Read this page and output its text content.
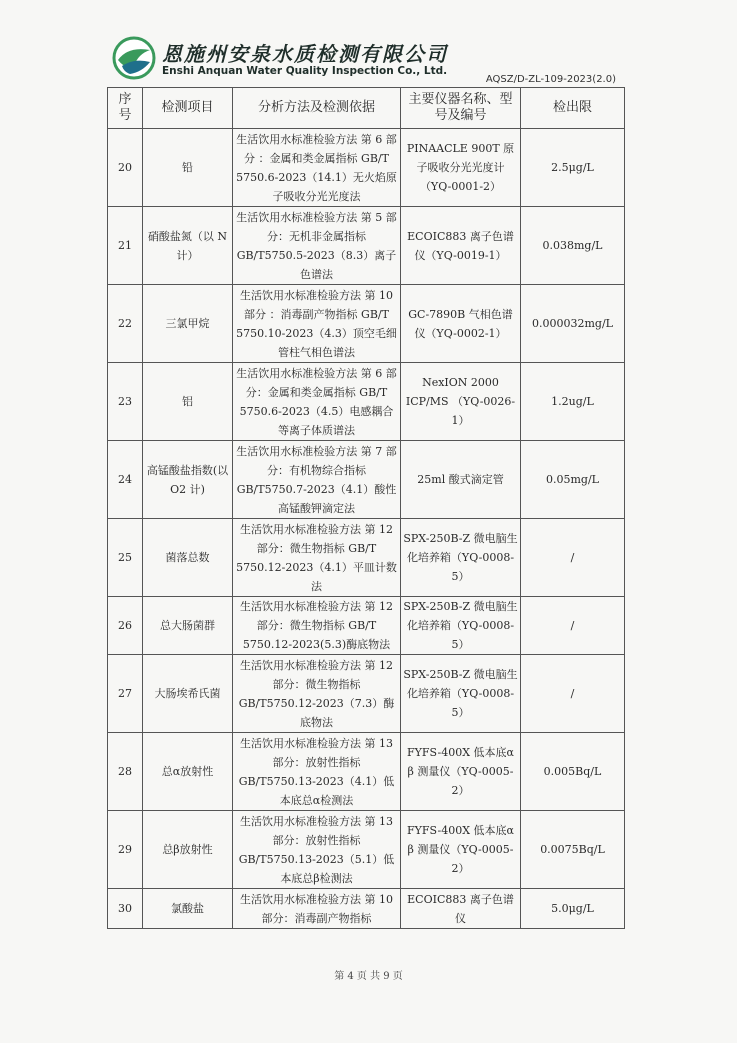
恩施州安泉水质检测有限公司
Enshi Anquan Water Quality Inspection Co., Ltd.
AQSZ/D-ZL-109-2023(2.0)
序号	检测项目	分析方法及检测依据	主要仪器名称、型号及编号	检出限
20	铅	生活饮用水标准检验方法 第 6 部分 ：金属和类金属指标 GB/T 5750.6-2023（14.1）无火焰原子吸收分光光度法	PINAACLE 900T 原子吸收分光光度计（YQ-0001-2）	2.5μg/L
21	硝酸盐氮（以 N 计）	生活饮用水标准检验方法 第 5 部分：无机非金属指标 GB/T5750.5-2023（8.3）离子色谱法	ECOIC883 离子色谱仪（YQ-0019-1）	0.038mg/L
22	三氯甲烷	生活饮用水标准检验方法 第 10 部分 ：消毒副产物指标 GB/T 5750.10-2023（4.3）顶空毛细管柱气相色谱法	GC-7890B 气相色谱仪（YQ-0002-1）	0.000032mg/L
23	铝	生活饮用水标准检验方法 第 6 部分：金属和类金属指标 GB/T 5750.6-2023（4.5）电感耦合等离子体质谱法	NexION 2000 ICP/MS （YQ-0026-1）	1.2ug/L
24	高锰酸盐指数(以 O2 计)	生活饮用水标准检验方法 第 7 部分：有机物综合指标 GB/T5750.7-2023（4.1）酸性高锰酸钾滴定法	25ml 酸式滴定管	0.05mg/L
25	菌落总数	生活饮用水标准检验方法 第 12 部分：微生物指标 GB/T 5750.12-2023（4.1）平皿计数法	SPX-250B-Z 微电脑生化培养箱（YQ-0008-5）	/
26	总大肠菌群	生活饮用水标准检验方法 第 12 部分：微生物指标 GB/T 5750.12-2023(5.3)酶底物法	SPX-250B-Z 微电脑生化培养箱（YQ-0008-5）	/
27	大肠埃希氏菌	生活饮用水标准检验方法 第 12 部分：微生物指标 GB/T5750.12-2023（7.3）酶底物法	SPX-250B-Z 微电脑生化培养箱（YQ-0008-5）	/
28	总α放射性	生活饮用水标准检验方法 第 13 部分：放射性指标 GB/T5750.13-2023（4.1）低本底总α检测法	FYFS-400X 低本底α β 测量仪（YQ-0005-2）	0.005Bq/L
29	总β放射性	生活饮用水标准检验方法 第 13 部分：放射性指标 GB/T5750.13-2023（5.1）低本底总β检测法	FYFS-400X 低本底α β 测量仪（YQ-0005-2）	0.0075Bq/L
30	氯酸盐	生活饮用水标准检验方法 第 10 部分：消毒副产物指标	ECOIC883 离子色谱仪	5.0μg/L
第 4 页 共 9 页
